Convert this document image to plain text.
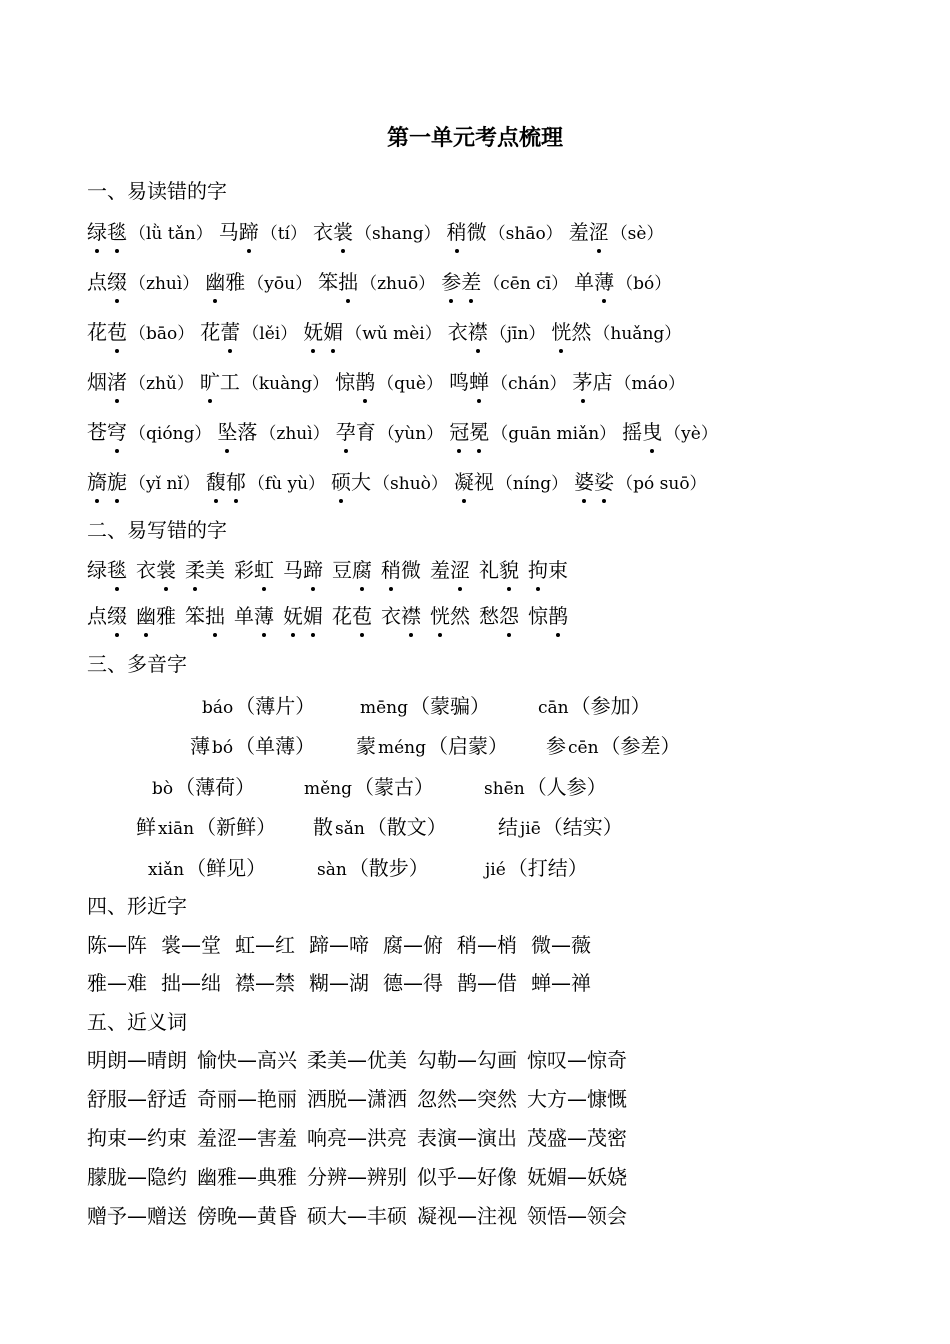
第一单元考点梳理
一、易读错的字
绿毯 （lǜ tǎn） 马蹄 （tí） 衣裳 （shang） 稍微 （shāo） 羞涩 （sè）
点缀 （zhuì） 幽雅 （yōu） 笨拙 （zhuō） 参差 （cēn cī） 单薄 （bó）
花苞 （bāo） 花蕾 （lěi） 妩媚 （wǔ mèi） 衣襟 （jīn） 恍然 （huǎng）
烟渚 （zhǔ） 旷工 （kuàng） 惊鹊 （què） 鸣蝉 （chán） 茅店 （máo）
苍穹 （qióng） 坠落 （zhuì） 孕育 （yùn） 冠冕 （guān miǎn） 摇曳 （yè）
旖旎 （yǐ nǐ） 馥郁 （fù yù） 硕大 （shuò） 凝视 （níng） 婆娑 （pó suō）
二、易写错的字
绿毯 衣裳 柔美 彩虹 马蹄 豆腐 稍微 羞涩 礼貌 拘束
点缀 幽雅 笨拙 单薄 妩媚 花苞 衣襟 恍然 愁怨 惊鹊
三、多音字
báo （薄片）	mēng （蒙骗）	cān （参加）
薄 bó （单薄） 蒙 méng （启蒙） 参 cēn （参差）
bò （薄荷）	měng （蒙古）	shēn （人参）
鲜 xiān （新鲜） 散 sǎn （散文）	结 jiē （结实）
xiǎn （鲜见）	sàn （散步）	jié （打结）
四、形近字
陈—阵 裳—堂 虹—红 蹄—啼 腐—俯 稍—梢 微—薇
雅—难 拙—绌 襟—禁 糊—湖 德—得 鹊—借 蝉—禅
五、近义词
明朗—晴朗 愉快—高兴 柔美—优美 勾勒—勾画 惊叹—惊奇
舒服—舒适 奇丽—艳丽 洒脱—潇洒 忽然—突然 大方—慷慨
拘束—约束 羞涩—害羞 响亮—洪亮 表演—演出 茂盛—茂密
朦胧—隐约 幽雅—典雅 分辨—辨别 似乎—好像 妩媚—妖娆
赠予—赠送 傍晚—黄昏 硕大—丰硕 凝视—注视 领悟—领会
